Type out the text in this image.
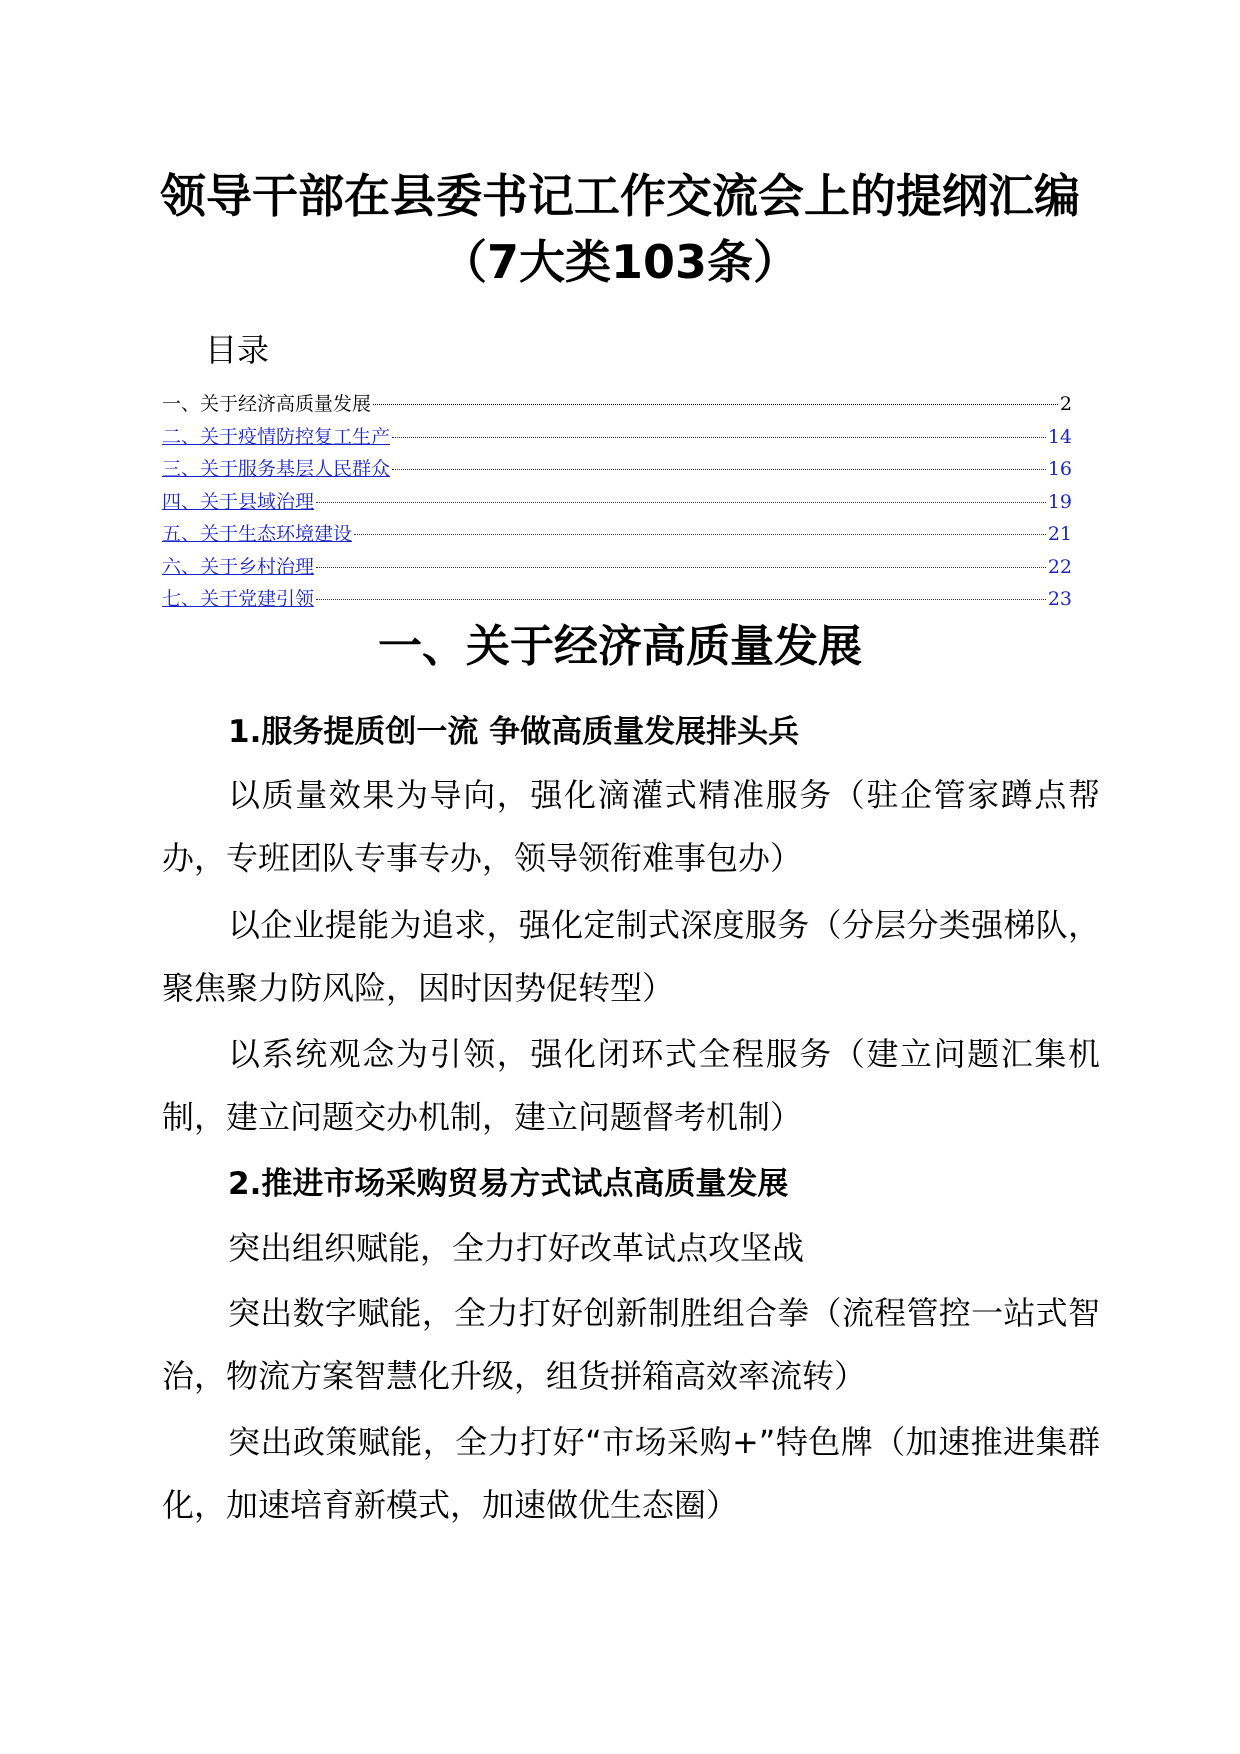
领导干部在县委书记工作交流会上的提纲汇编
（7大类103条）
目录
一、关于经济高质量发展	2
二、关于疫情防控复工生产	14
三、关于服务基层人民群众	16
四、关于县域治理	19
五、关于生态环境建设	21
六、关于乡村治理	22
七、关于党建引领	23
一、关于经济高质量发展
1.服务提质创一流 争做高质量发展排头兵
以质量效果为导向，强化滴灌式精准服务（驻企管家蹲点帮办，专班团队专事专办，领导领衔难事包办）
以企业提能为追求，强化定制式深度服务（分层分类强梯队，聚焦聚力防风险，因时因势促转型）
以系统观念为引领，强化闭环式全程服务（建立问题汇集机制，建立问题交办机制，建立问题督考机制）
2.推进市场采购贸易方式试点高质量发展
突出组织赋能，全力打好改革试点攻坚战
突出数字赋能，全力打好创新制胜组合拳（流程管控一站式智治，物流方案智慧化升级，组货拼箱高效率流转）
突出政策赋能，全力打好“市场采购+”特色牌（加速推进集群化，加速培育新模式，加速做优生态圈）
